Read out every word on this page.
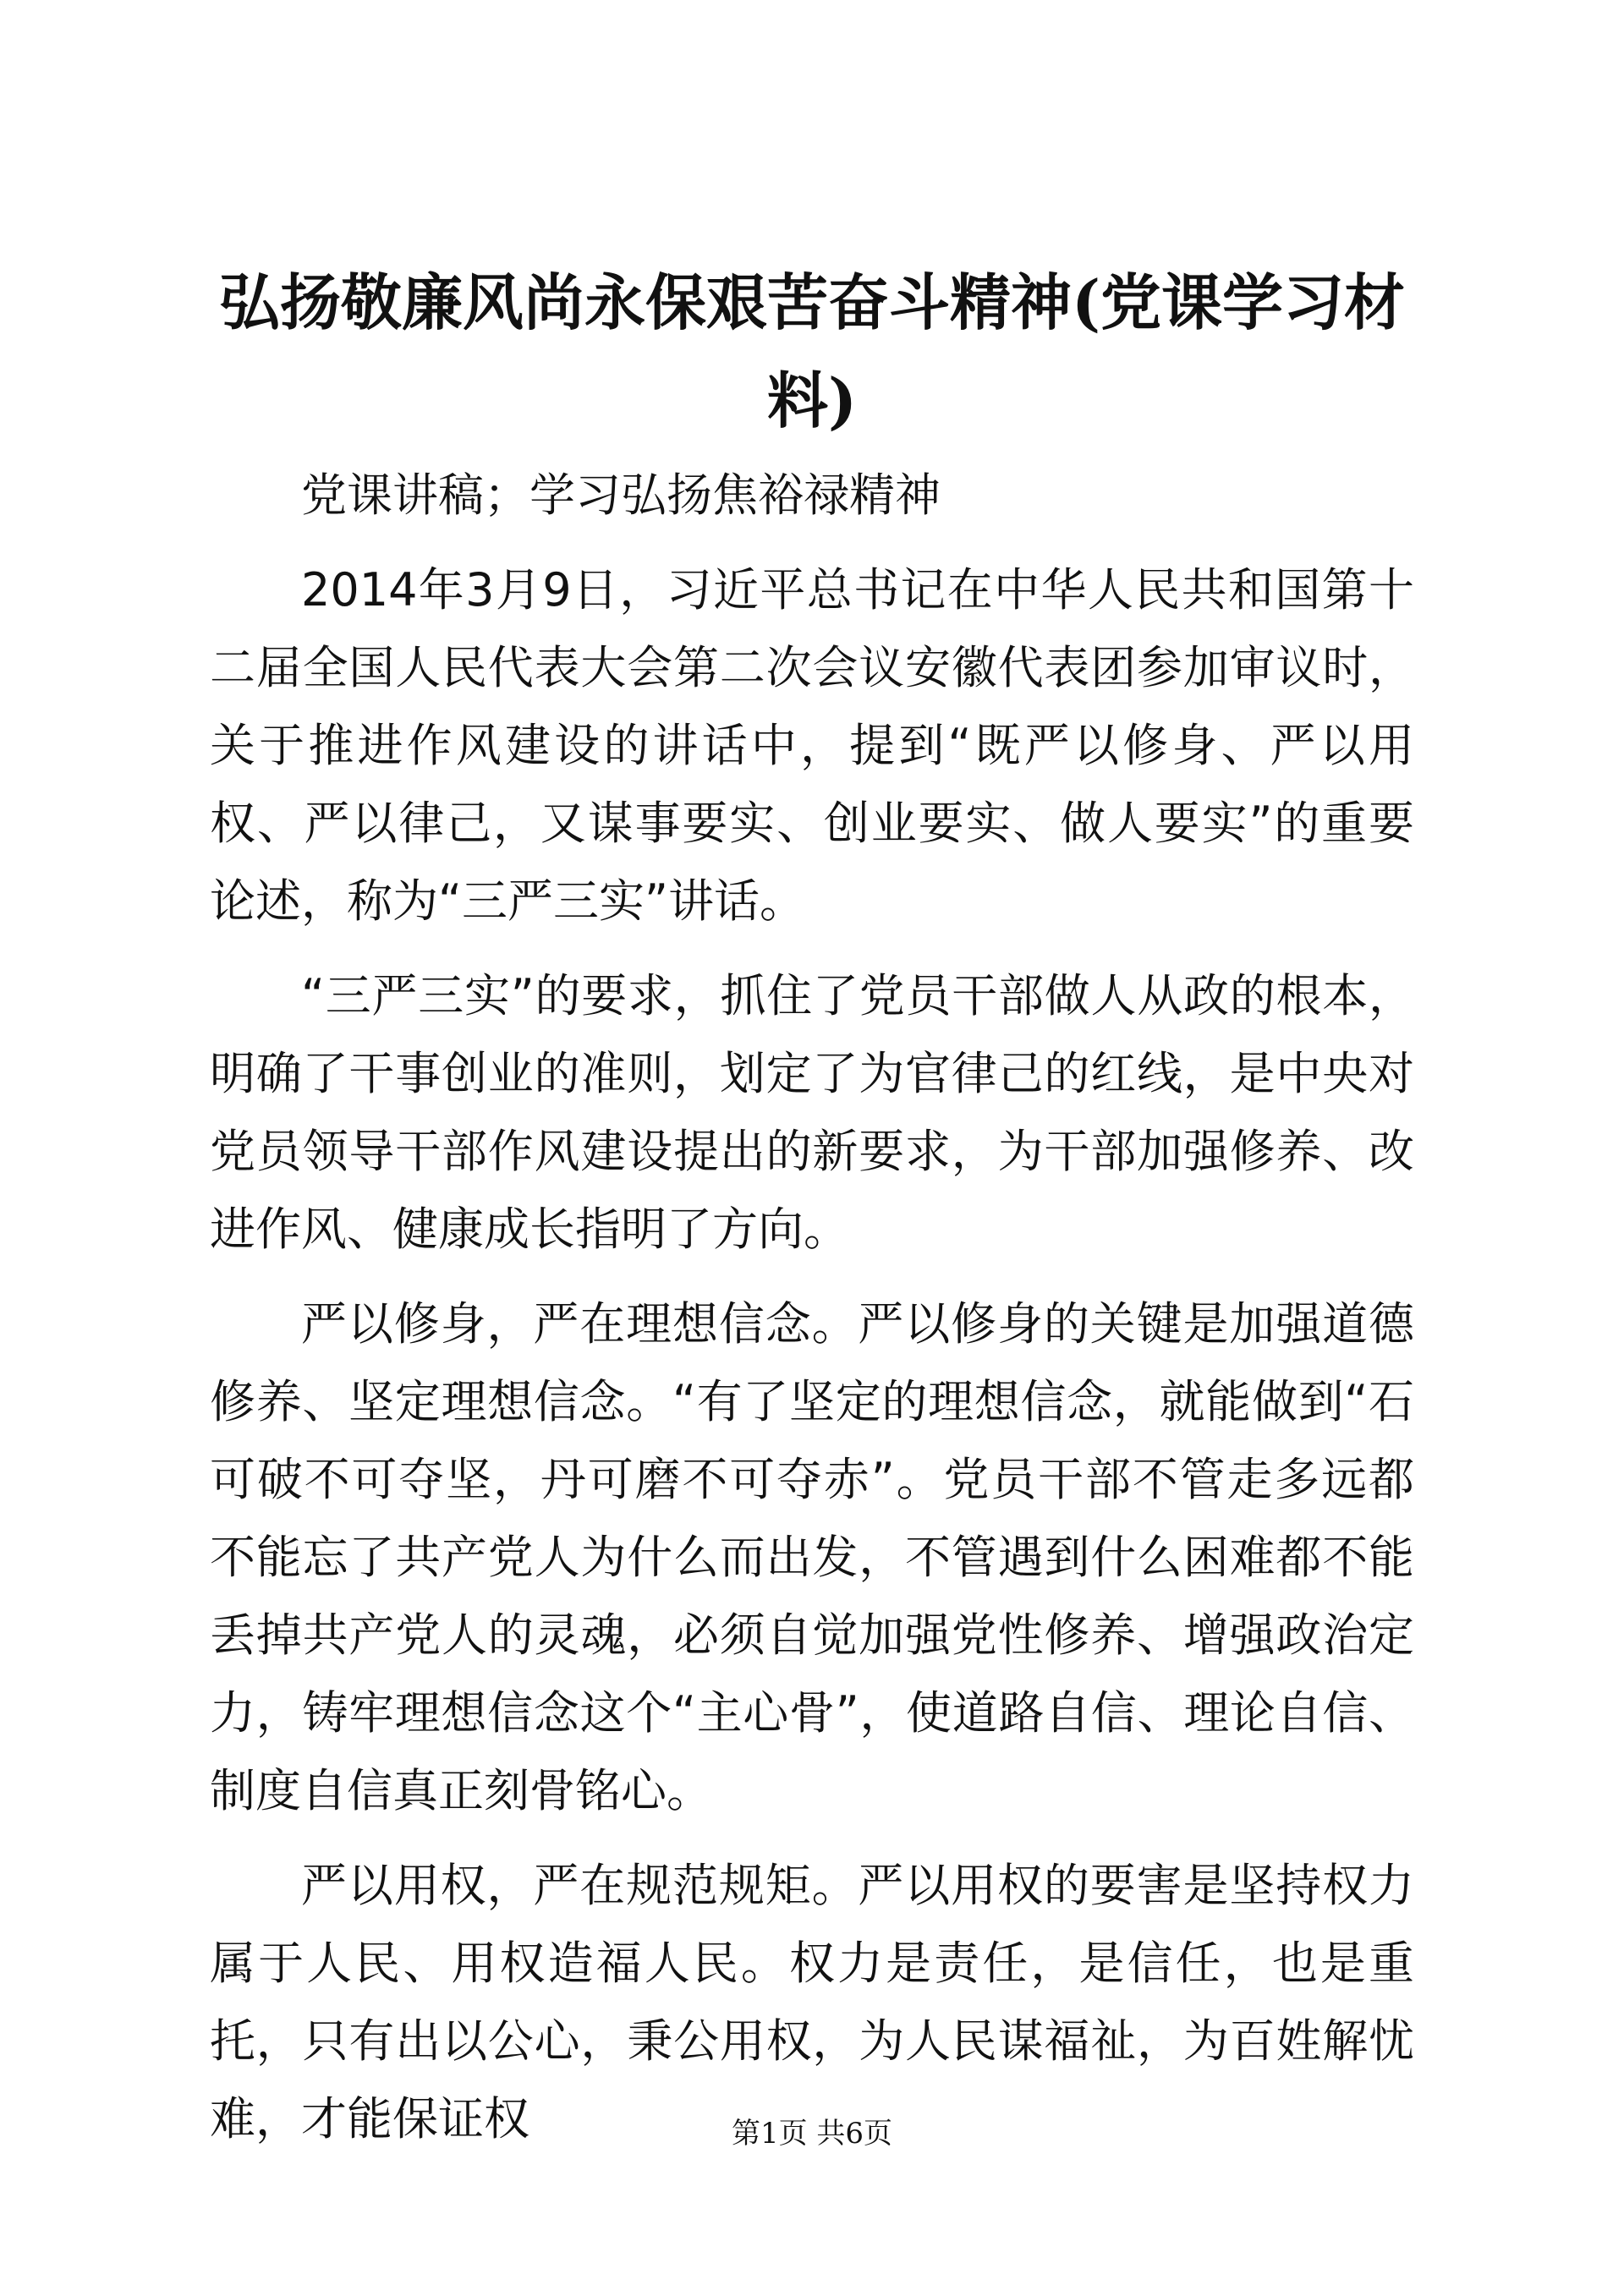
弘扬敬廉风尚永保艰苦奋斗精神(党课学习材料)

党课讲稿；学习弘扬焦裕禄精神

2014年3月9日，习近平总书记在中华人民共和国第十二届全国人民代表大会第二次会议安徽代表团参加审议时，关于推进作风建设的讲话中，提到“既严以修身、严以用权、严以律己，又谋事要实、创业要实、做人要实”的重要论述，称为“三严三实”讲话。

“三严三实”的要求，抓住了党员干部做人从政的根本，明确了干事创业的准则，划定了为官律己的红线，是中央对党员领导干部作风建设提出的新要求，为干部加强修养、改进作风、健康成长指明了方向。

严以修身，严在理想信念。严以修身的关键是加强道德修养、坚定理想信念。“有了坚定的理想信念，就能做到“石可破不可夺坚，丹可磨不可夺赤”。党员干部不管走多远都不能忘了共产党人为什么而出发，不管遇到什么困难都不能丢掉共产党人的灵魂，必须自觉加强党性修养、增强政治定力，铸牢理想信念这个“主心骨”，使道路自信、理论自信、制度自信真正刻骨铭心。

严以用权，严在规范规矩。严以用权的要害是坚持权力属于人民、用权造福人民。权力是责任，是信任，也是重托，只有出以公心，秉公用权，为人民谋福祉，为百姓解忧难，才能保证权	第1页 共6页
